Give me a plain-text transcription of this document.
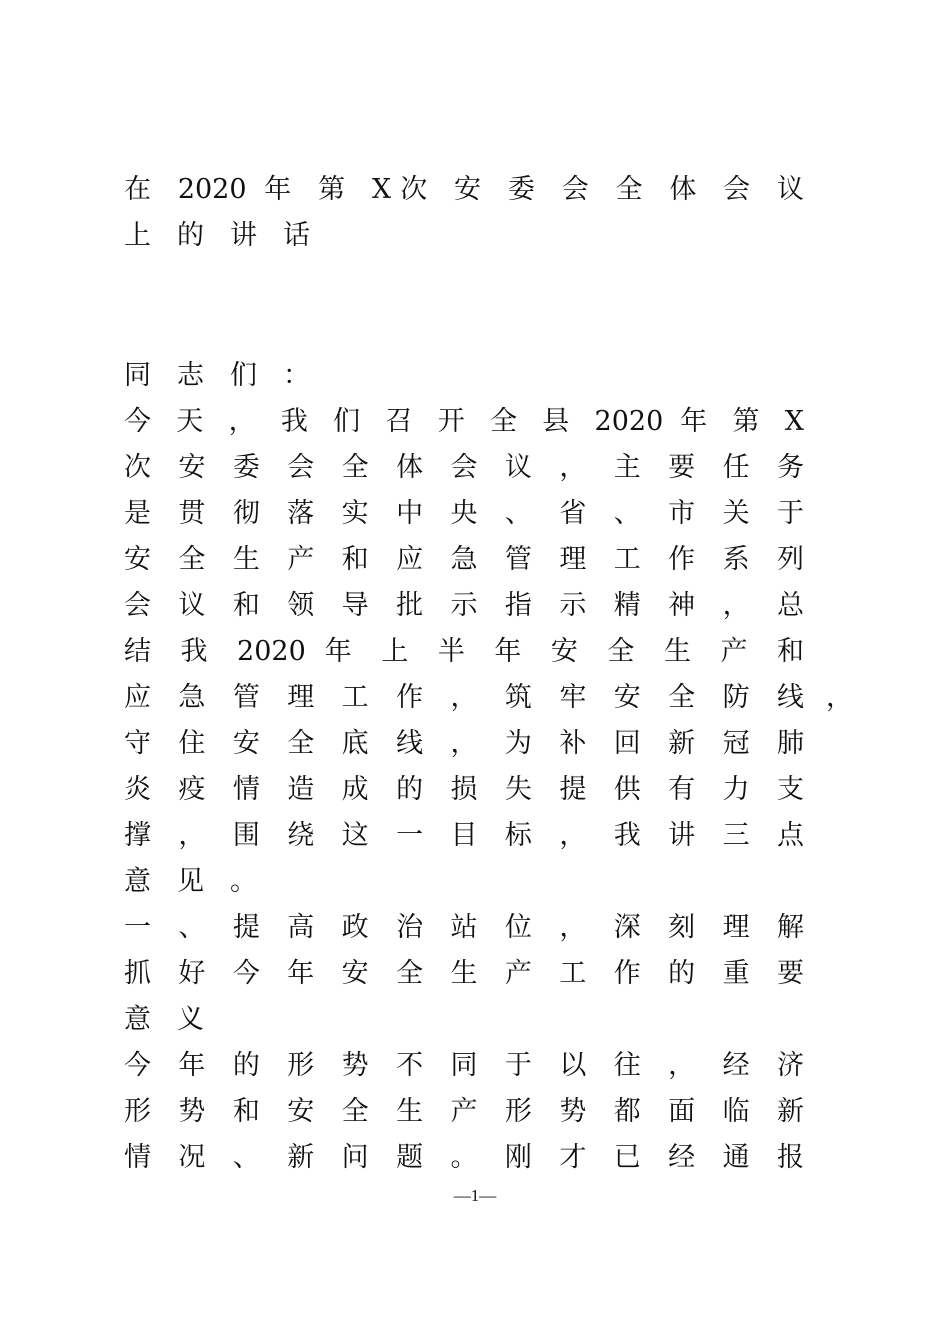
在 2020 年 第 X次 安 委 会 全 体 会 议
上的讲话
同志们：
今 天 ， 我 们 召 开 全 县 2020 年 第 X
次 安 委 会 全 体 会 议 ， 主 要 任 务
是 贯 彻 落 实 中 央 、 省 、 市 关 于
安 全 生 产 和 应 急 管 理 工 作 系 列
会 议 和 领 导 批 示 指 示 精 神 ， 总
结 我 2020 年 上 半 年 安 全 生 产 和
应 急 管 理 工 作 ， 筑 牢 安 全 防 线 ，
守 住 安 全 底 线 ， 为 补 回 新 冠 肺
炎 疫 情 造 成 的 损 失 提 供 有 力 支
撑 ， 围 绕 这 一 目 标 ， 我 讲 三 点
意见。
一 、 提 高 政 治 站 位 ， 深 刻 理 解
抓 好 今 年 安 全 生 产 工 作 的 重 要
意义
今 年 的 形 势 不 同 于 以 往 ， 经 济
形 势 和 安 全 生 产 形 势 都 面 临 新
情 况 、 新 问 题 。 刚 才 已 经 通 报
—1—
